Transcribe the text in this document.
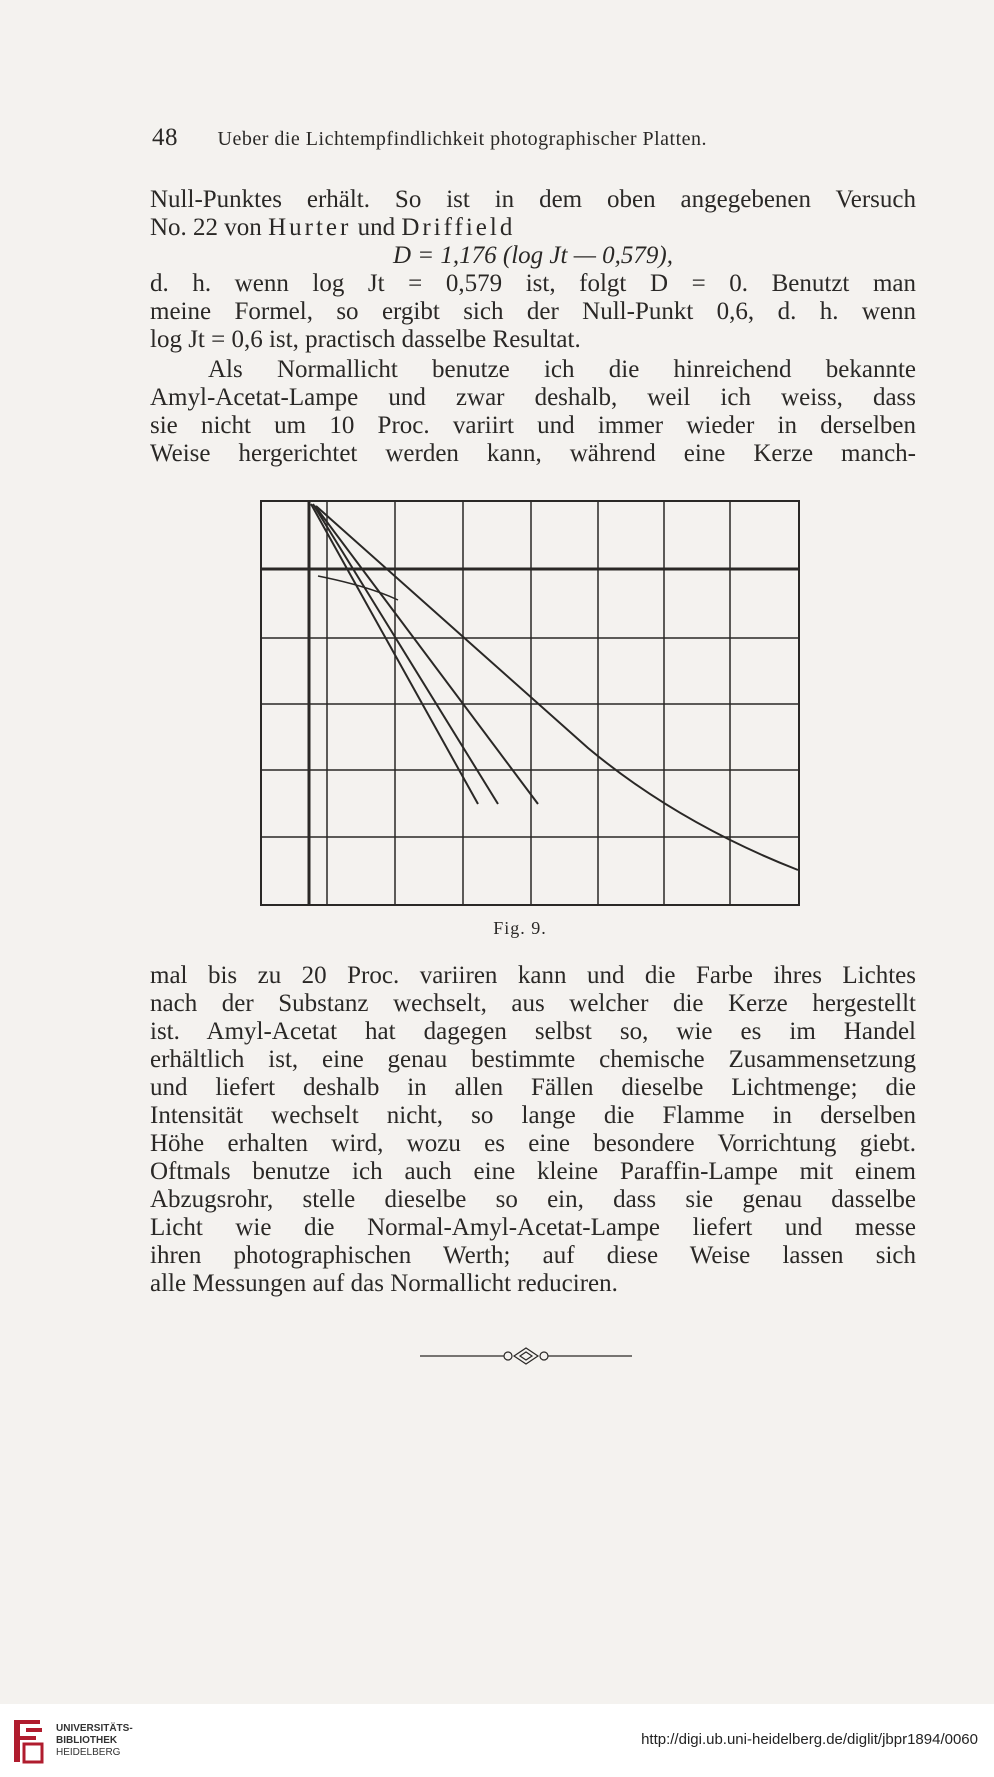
48 Ueber die Lichtempfindlichkeit photographischer Platten.
Null-Punktes erhält. So ist in dem oben angegebenen Versuch
No. 22 von Hurter und Driffield
D = 1,176 (log Jt — 0,579),
d. h. wenn log Jt = 0,579 ist, folgt D = 0. Benutzt man
meine Formel, so ergibt sich der Null-Punkt 0,6, d. h. wenn
log Jt = 0,6 ist, practisch dasselbe Resultat.
Als Normallicht benutze ich die hinreichend bekannte
Amyl-Acetat-Lampe und zwar deshalb, weil ich weiss, dass
sie nicht um 10 Proc. variirt und immer wieder in derselben
Weise hergerichtet werden kann, während eine Kerze manch-
Fig. 9.
mal bis zu 20 Proc. variiren kann und die Farbe ihres Lichtes
nach der Substanz wechselt, aus welcher die Kerze hergestellt
ist. Amyl-Acetat hat dagegen selbst so, wie es im Handel
erhältlich ist, eine genau bestimmte chemische Zusammensetzung
und liefert deshalb in allen Fällen dieselbe Lichtmenge; die
Intensität wechselt nicht, so lange die Flamme in derselben
Höhe erhalten wird, wozu es eine besondere Vorrichtung giebt.
Oftmals benutze ich auch eine kleine Paraffin-Lampe mit einem
Abzugsrohr, stelle dieselbe so ein, dass sie genau dasselbe
Licht wie die Normal-Amyl-Acetat-Lampe liefert und messe
ihren photographischen Werth; auf diese Weise lassen sich
alle Messungen auf das Normallicht reduciren.
UNIVERSITÄTS-
BIBLIOTHEK
HEIDELBERG
http://digi.ub.uni-heidelberg.de/diglit/jbpr1894/0060
